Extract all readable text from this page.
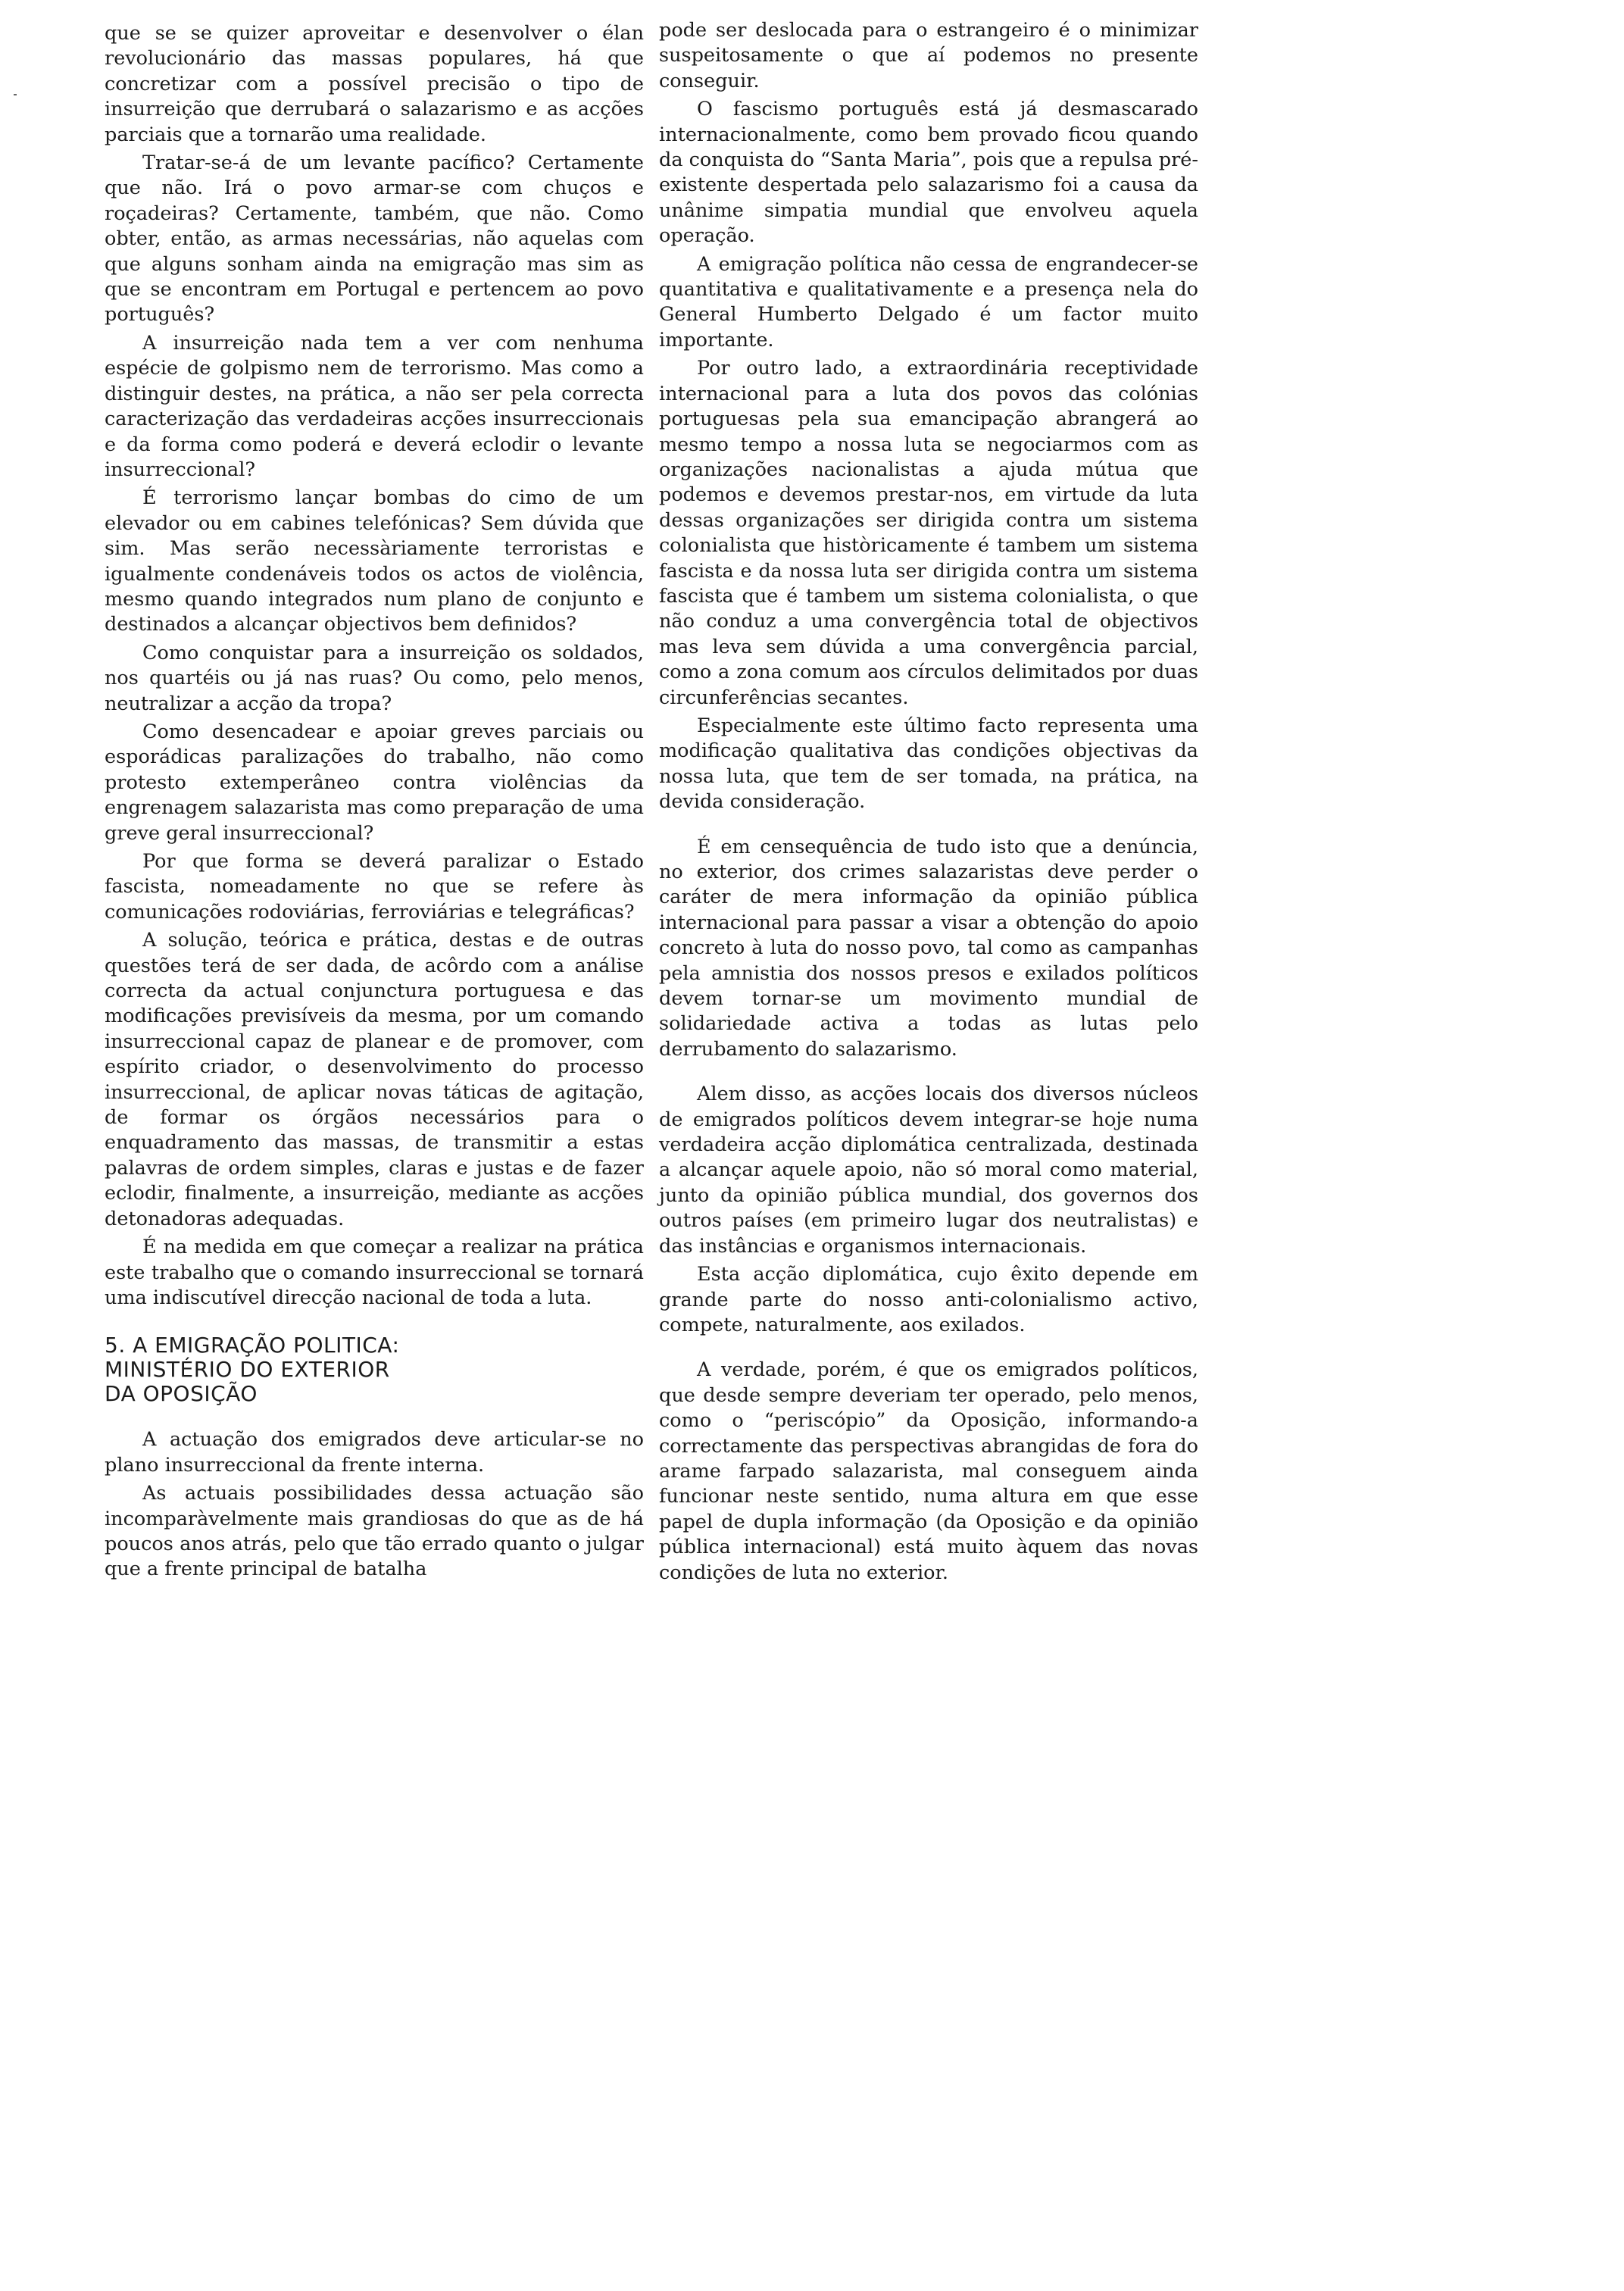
que se se quizer aproveitar e desenvolver o élan revolucionário das massas populares, há que concretizar com a possível precisão o tipo de insurreição que derrubará o salazarismo e as acções parciais que a tornarão uma realidade.

Tratar-se-á de um levante pacífico? Certamente que não. Irá o povo armar-se com chuços e roçadeiras? Certamente, também, que não. Como obter, então, as armas necessárias, não aquelas com que alguns sonham ainda na emigração mas sim as que se encontram em Portugal e pertencem ao povo português?

A insurreição nada tem a ver com nenhuma espécie de golpismo nem de terrorismo. Mas como a distinguir destes, na prática, a não ser pela correcta caracterização das verdadeiras acções insurreccionais e da forma como poderá e deverá eclodir o levante insurreccional?

É terrorismo lançar bombas do cimo de um elevador ou em cabines telefónicas? Sem dúvida que sim. Mas serão necessàriamente terroristas e igualmente condenáveis todos os actos de violência, mesmo quando integrados num plano de conjunto e destinados a alcançar objectivos bem definidos?

Como conquistar para a insurreição os soldados, nos quartéis ou já nas ruas? Ou como, pelo menos, neutralizar a acção da tropa?

Como desencadear e apoiar greves parciais ou esporádicas paralizações do trabalho, não como protesto extemperâneo contra violências da engrenagem salazarista mas como preparação de uma greve geral insurreccional?

Por que forma se deverá paralizar o Estado fascista, nomeadamente no que se refere às comunicações rodoviárias, ferroviárias e telegráficas?

A solução, teórica e prática, destas e de outras questões terá de ser dada, de acôrdo com a análise correcta da actual conjunctura portuguesa e das modificações previsíveis da mesma, por um comando insurreccional capaz de planear e de promover, com espírito criador, o desenvolvimento do processo insurreccional, de aplicar novas táticas de agitação, de formar os órgãos necessários para o enquadramento das massas, de transmitir a estas palavras de ordem simples, claras e justas e de fazer eclodir, finalmente, a insurreição, mediante as acções detonadoras adequadas.

É na medida em que começar a realizar na prática este trabalho que o comando insurreccional se tornará uma indiscutível direcção nacional de toda a luta.

5. A EMIGRAÇÃO POLITICA:
MINISTÉRIO DO EXTERIOR
DA OPOSIÇÃO

A actuação dos emigrados deve articular-se no plano insurreccional da frente interna.

As actuais possibilidades dessa actuação são incomparàvelmente mais grandiosas do que as de há poucos anos atrás, pelo que tão errado quanto o julgar que a frente principal de batalha

pode ser deslocada para o estrangeiro é o minimizar suspeitosamente o que aí podemos no presente conseguir.

O fascismo português está já desmascarado internacionalmente, como bem provado ficou quando da conquista do “Santa Maria”, pois que a repulsa pré-existente despertada pelo salazarismo foi a causa da unânime simpatia mundial que envolveu aquela operação.

A emigração política não cessa de engrandecer-se quantitativa e qualitativamente e a presença nela do General Humberto Delgado é um factor muito importante.

Por outro lado, a extraordinária receptividade internacional para a luta dos povos das colónias portuguesas pela sua emancipação abrangerá ao mesmo tempo a nossa luta se negociarmos com as organizações nacionalistas a ajuda mútua que podemos e devemos prestar-nos, em virtude da luta dessas organizações ser dirigida contra um sistema colonialista que històricamente é tambem um sistema fascista e da nossa luta ser dirigida contra um sistema fascista que é tambem um sistema colonialista, o que não conduz a uma convergência total de objectivos mas leva sem dúvida a uma convergência parcial, como a zona comum aos círculos delimitados por duas circunferências secantes.

Especialmente este último facto representa uma modificação qualitativa das condições objectivas da nossa luta, que tem de ser tomada, na prática, na devida consideração.

É em censequência de tudo isto que a denúncia, no exterior, dos crimes salazaristas deve perder o caráter de mera informação da opinião pública internacional para passar a visar a obtenção do apoio concreto à luta do nosso povo, tal como as campanhas pela amnistia dos nossos presos e exilados políticos devem tornar-se um movimento mundial de solidariedade activa a todas as lutas pelo derrubamento do salazarismo.

Alem disso, as acções locais dos diversos núcleos de emigrados políticos devem integrar-se hoje numa verdadeira acção diplomática centralizada, destinada a alcançar aquele apoio, não só moral como material, junto da opinião pública mundial, dos governos dos outros países (em primeiro lugar dos neutralistas) e das instâncias e organismos internacionais.

Esta acção diplomática, cujo êxito depende em grande parte do nosso anti-colonialismo activo, compete, naturalmente, aos exilados.

A verdade, porém, é que os emigrados políticos, que desde sempre deveriam ter operado, pelo menos, como o “periscópio” da Oposição, informando-a correctamente das perspectivas abrangidas de fora do arame farpado salazarista, mal conseguem ainda funcionar neste sentido, numa altura em que esse papel de dupla informação (da Oposição e da opinião pública internacional) está muito àquem das novas condições de luta no exterior.
